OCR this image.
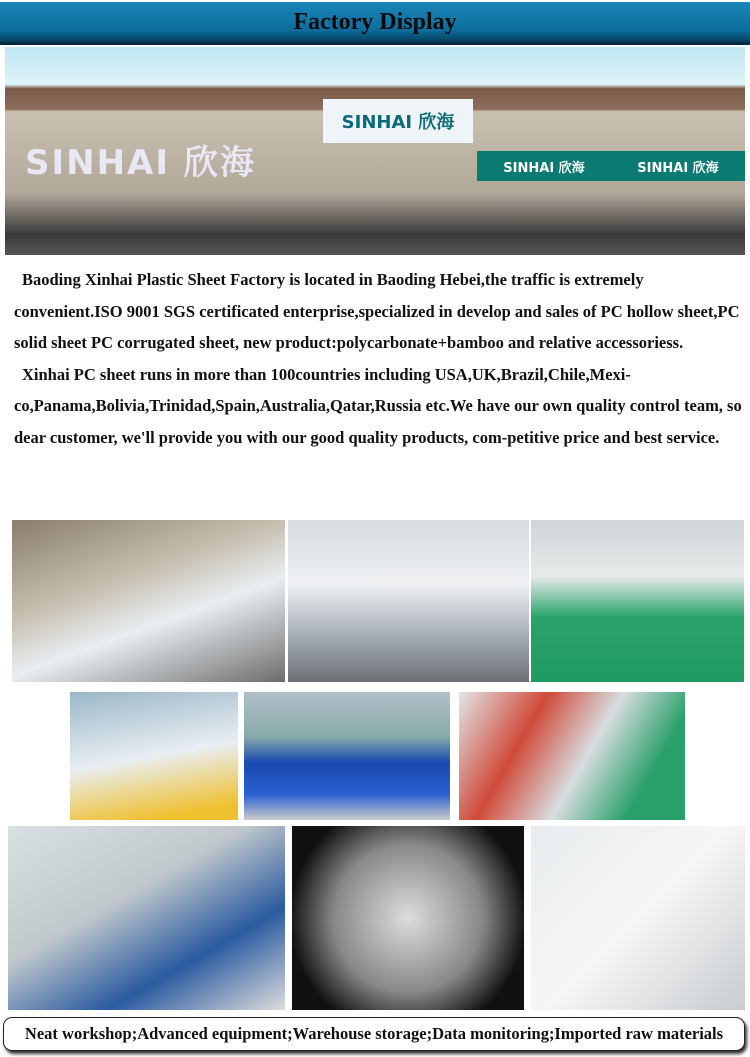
Factory Display
SINHAI 欣海
SINHAI 欣海
SINHAI 欣海	SINHAI 欣海

Baoding Xinhai Plastic Sheet Factory is located in Baoding Hebei,the traffic is extremely convenient.ISO 9001 SGS certificated enterprise,specialized in develop and sales of PC hollow sheet,PC solid sheet PC corrugated sheet, new product:polycarbonate+bamboo and relative accessoriess.

Xinhai PC sheet runs in more than 100countries including USA,UK,Brazil,Chile,Mexi-co,Panama,Bolivia,Trinidad,Spain,Australia,Qatar,Russia etc.We have our own quality control team, so dear customer, we'll provide you with our good quality products, com-petitive price and best service.

Neat workshop;Advanced equipment;Warehouse storage;Data monitoring;Imported raw materials
